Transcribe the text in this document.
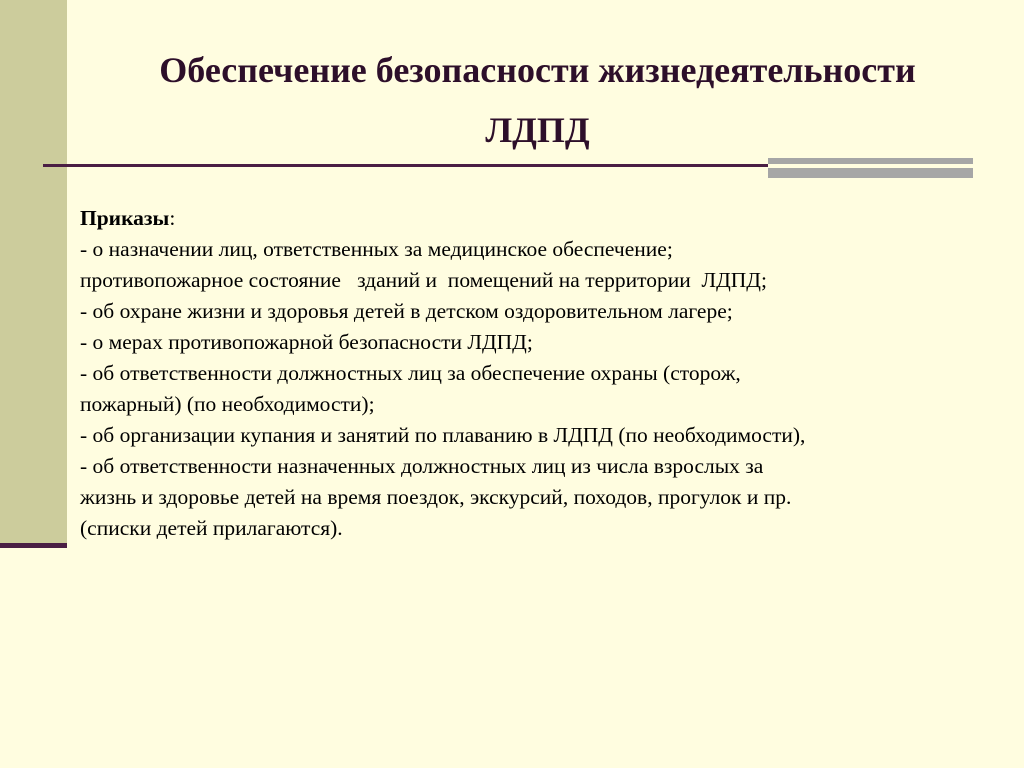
Обеспечение безопасности жизнедеятельности
ЛДПД
Приказы:
- о назначении лиц, ответственных за медицинское обеспечение;
противопожарное состояние   зданий и  помещений на территории  ЛДПД;
- об охране жизни и здоровья детей в детском оздоровительном лагере;
- о мерах противопожарной безопасности ЛДПД;
- об ответственности должностных лиц за обеспечение охраны (сторож,
пожарный) (по необходимости);
- об организации купания и занятий по плаванию в ЛДПД (по необходимости),
- об ответственности назначенных должностных лиц из числа взрослых за
жизнь и здоровье детей на время поездок, экскурсий, походов, прогулок и пр.
(списки детей прилагаются).
